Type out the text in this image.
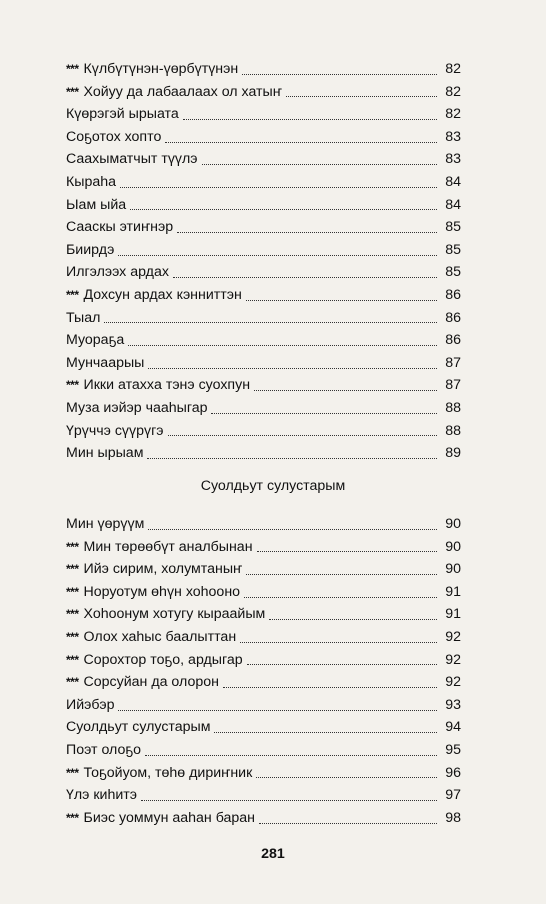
*** Күлбүтүнэн-үөрбүтүнэн	82
*** Хойуу да лабаалаах ол хатыҥ	82
Күөрэгэй ырыата	82
Соҕотох хопто	83
Саахыматчыт түүлэ	83
Кыраһа	84
Ыам ыйа	84
Сааскы этиҥнэр	85
Биирдэ	85
Илгэлээх ардах	85
*** Дохсун ардах кэнниттэн	86
Тыал	86
Муораҕа	86
Мунчаарыы	87
*** Икки атаххa тэнэ суохпун	87
Муза иэйэр чааһыгар	88
Үрүччэ сүүрүгэ	88
Мин ырыам	89
Суолдьут сулустарым
Мин үөрүүм	90
*** Мин төрөөбүт аналбынан	90
*** Ийэ сирим, холумтаныҥ	90
*** Норуотум өһүн хоһооно	91
*** Хоһоонум хотугу кыраайым	91
*** Олох хаһыс баалыттан	92
*** Сорохтор тоҕо, ардыгар	92
*** Сорсуйан да олорон	92
Ийэбэр	93
Суолдьут сулустарым	94
Поэт олоҕо	95
*** Тоҕойуом, төһө дириҥник	96
Үлэ киһитэ	97
*** Биэс уоммун ааһан баран	98
281
